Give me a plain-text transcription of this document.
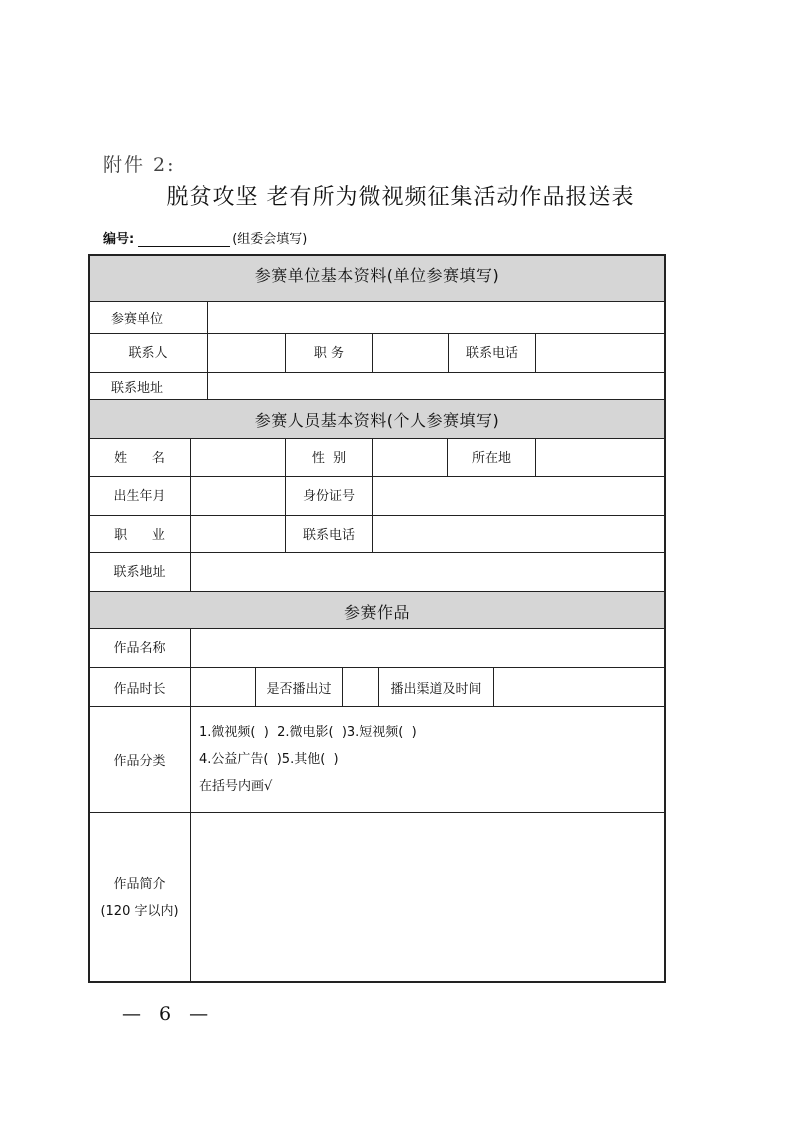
附件 2:
脱贫攻坚 老有所为微视频征集活动作品报送表
编号:	(组委会填写)
参赛单位基本资料(单位参赛填写)
参赛单位
联系人	职 务	联系电话
联系地址
参赛人员基本资料(个人参赛填写)
姓      名	性  别	所在地
出生年月	身份证号
职      业	联系电话
联系地址
参赛作品
作品名称
作品时长	是否播出过	播出渠道及时间
作品分类
1.微视频(  )  2.微电影(  )3.短视频(  )
4.公益广告(  )5.其他(  )
在括号内画√
作品简介
(120 字以内)
— 6 —
